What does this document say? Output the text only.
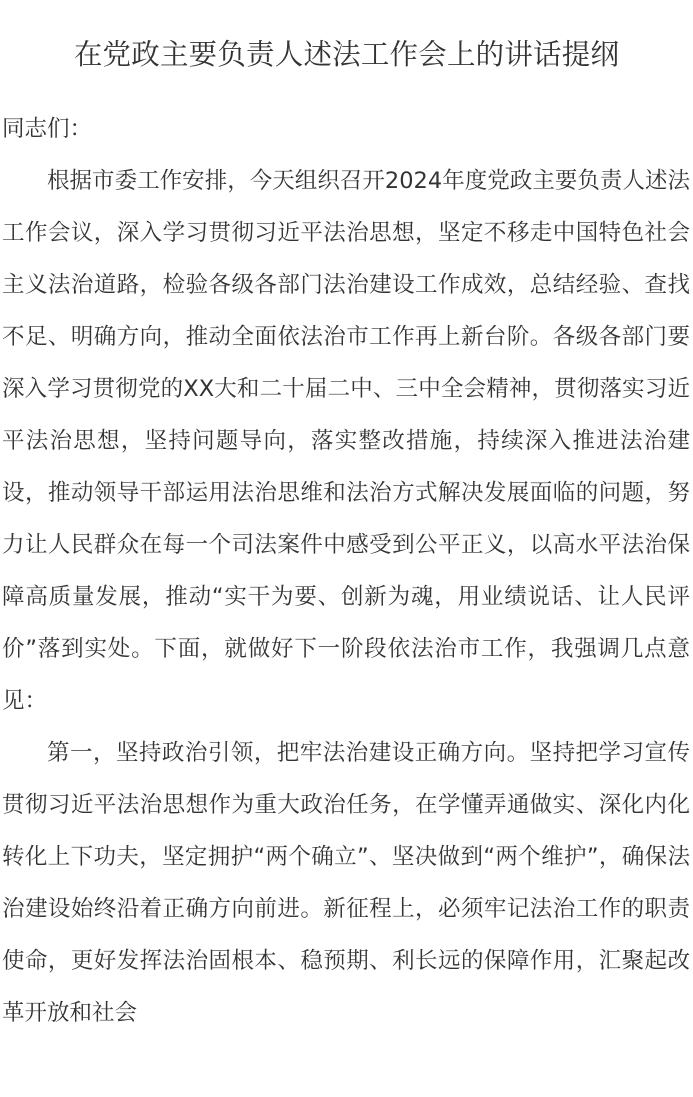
在党政主要负责人述法工作会上的讲话提纲

同志们：

根据市委工作安排，今天组织召开2024年度党政主要负责人述法工作会议，深入学习贯彻习近平法治思想，坚定不移走中国特色社会主义法治道路，检验各级各部门法治建设工作成效，总结经验、查找不足、明确方向，推动全面依法治市工作再上新台阶。各级各部门要深入学习贯彻党的XX大和二十届二中、三中全会精神，贯彻落实习近平法治思想，坚持问题导向，落实整改措施，持续深入推进法治建设，推动领导干部运用法治思维和法治方式解决发展面临的问题，努力让人民群众在每一个司法案件中感受到公平正义，以高水平法治保障高质量发展，推动“实干为要、创新为魂，用业绩说话、让人民评价”落到实处。下面，就做好下一阶段依法治市工作，我强调几点意见：

第一，坚持政治引领，把牢法治建设正确方向。坚持把学习宣传贯彻习近平法治思想作为重大政治任务，在学懂弄通做实、深化内化转化上下功夫，坚定拥护“两个确立”、坚决做到“两个维护”，确保法治建设始终沿着正确方向前进。新征程上，必须牢记法治工作的职责使命，更好发挥法治固根本、稳预期、利长远的保障作用，汇聚起改革开放和社会
